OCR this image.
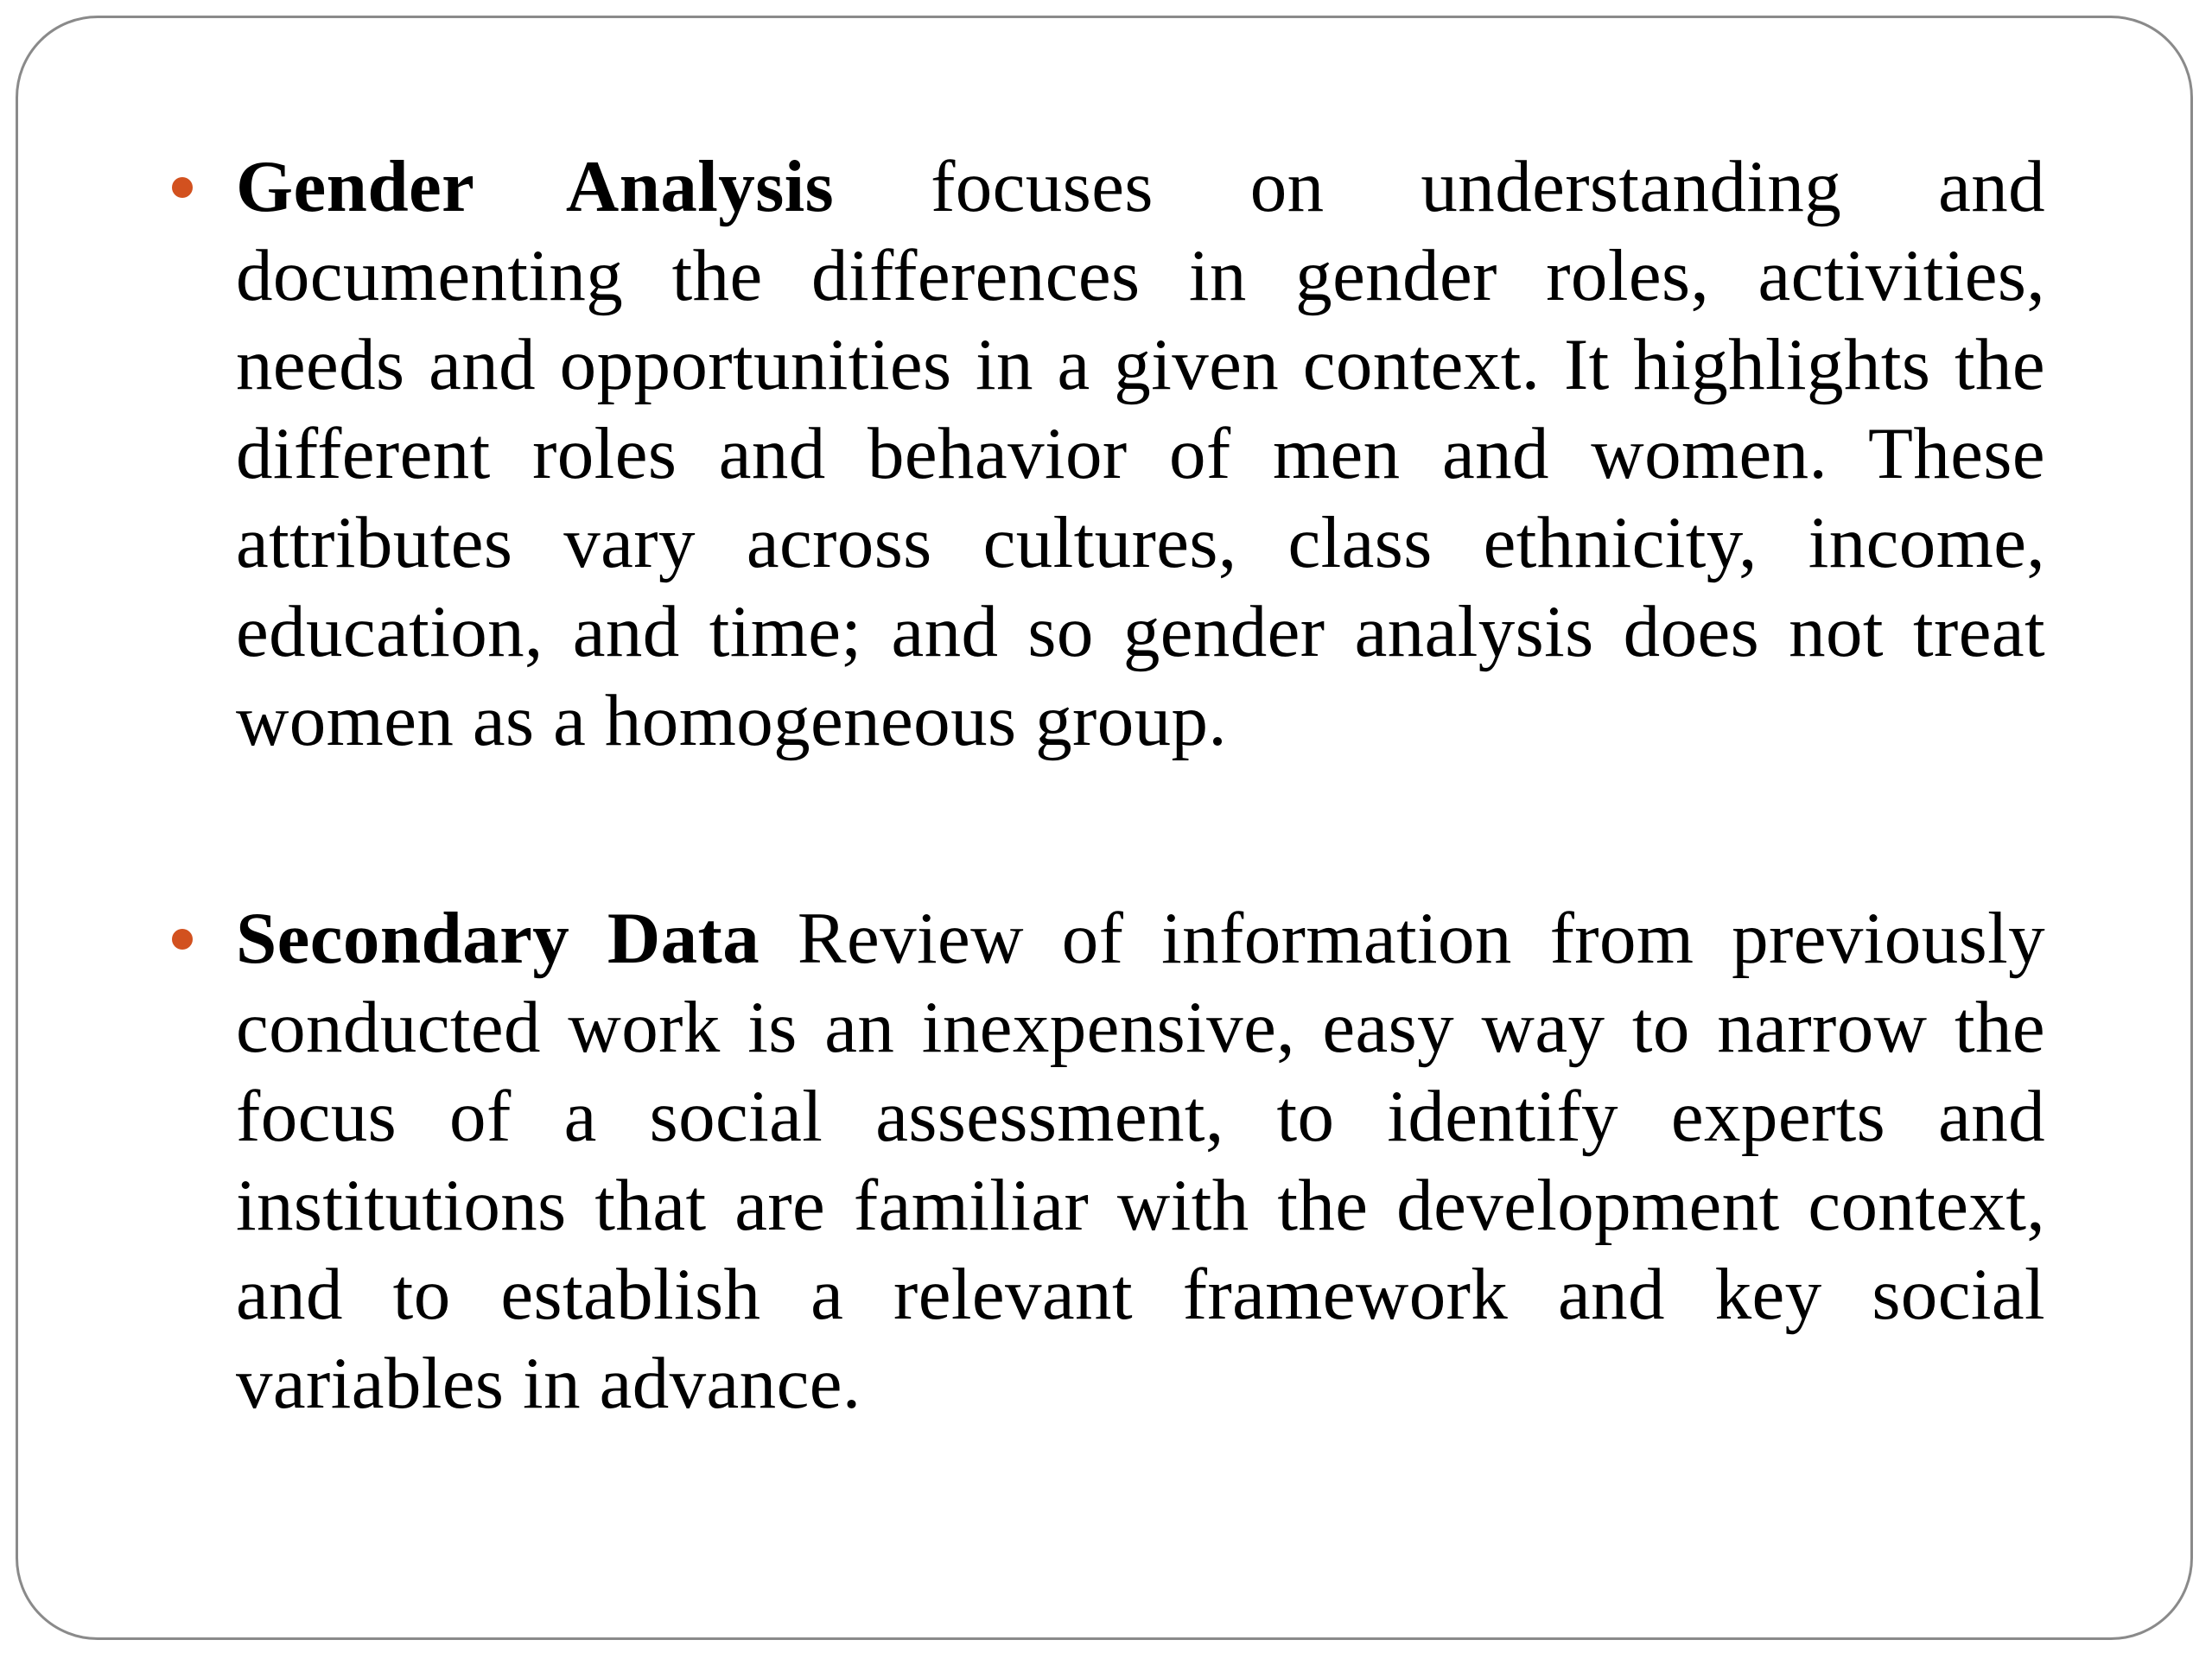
Gender Analysis focuses on understanding and documenting the differences in gender roles, activities, needs and opportunities in a given context. It highlights the different roles and behavior of men and women. These attributes vary across cultures, class ethnicity, income, education, and time; and so gender analysis does not treat women as a homogeneous group.
Secondary Data Review of information from previously conducted work is an inexpensive, easy way to narrow the focus of a social assessment, to identify experts and institutions that are familiar with the development context, and to establish a relevant framework and key social variables in advance.
